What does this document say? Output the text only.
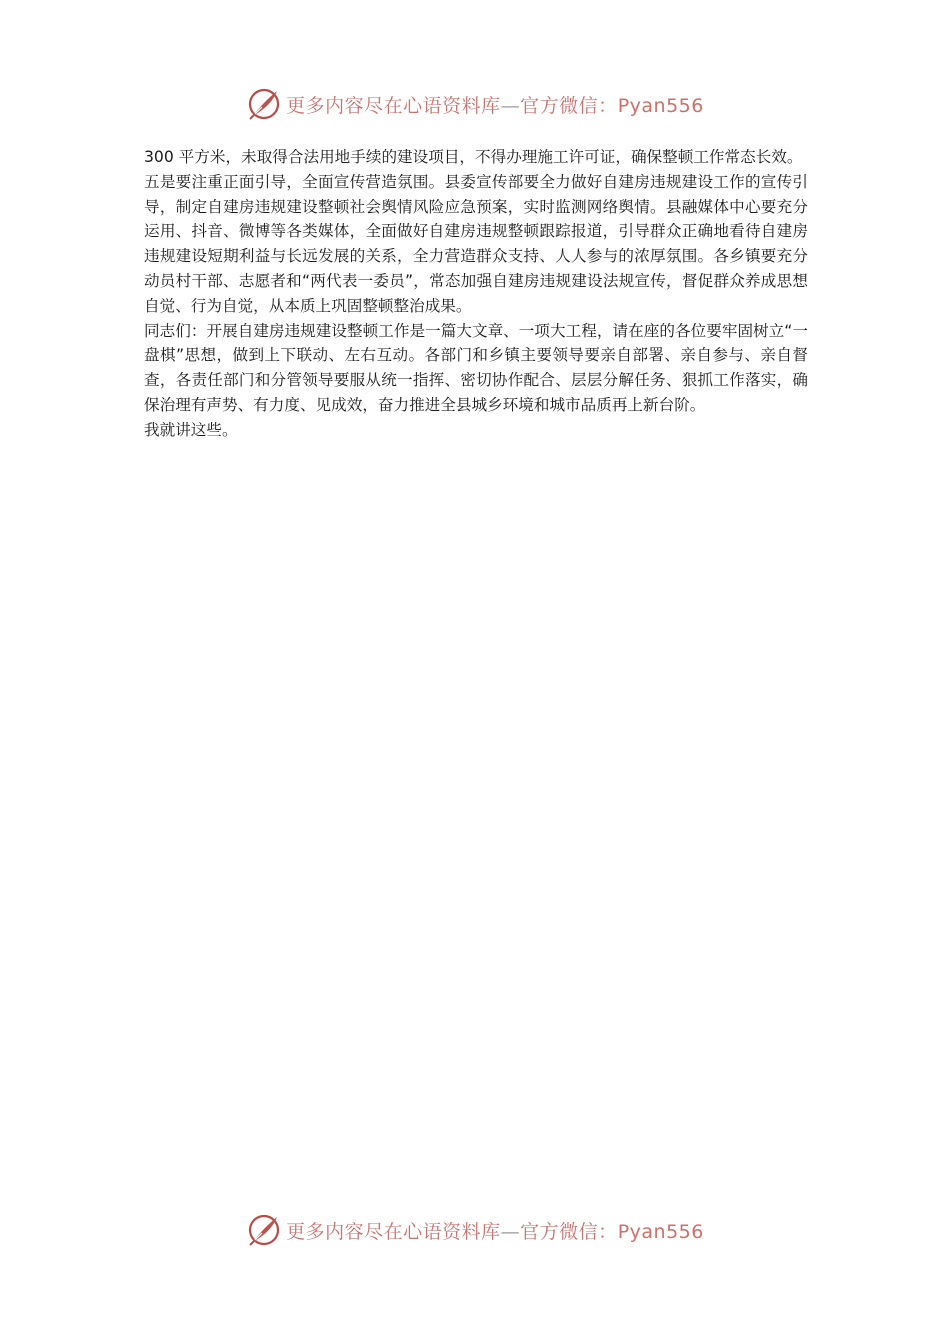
更多内容尽在心语资料库—官方微信：Pyan556

300 平方米，未取得合法用地手续的建设项目，不得办理施工许可证，确保整顿工作常态长效。

五是要注重正面引导，全面宣传营造氛围。县委宣传部要全力做好自建房违规建设工作的宣传引导，制定自建房违规建设整顿社会舆情风险应急预案，实时监测网络舆情。县融媒体中心要充分运用、抖音、微博等各类媒体，全面做好自建房违规整顿跟踪报道，引导群众正确地看待自建房违规建设短期利益与长远发展的关系，全力营造群众支持、人人参与的浓厚氛围。各乡镇要充分动员村干部、志愿者和“两代表一委员”，常态加强自建房违规建设法规宣传，督促群众养成思想自觉、行为自觉，从本质上巩固整顿整治成果。

同志们：开展自建房违规建设整顿工作是一篇大文章、一项大工程，请在座的各位要牢固树立“一盘棋”思想，做到上下联动、左右互动。各部门和乡镇主要领导要亲自部署、亲自参与、亲自督查，各责任部门和分管领导要服从统一指挥、密切协作配合、层层分解任务、狠抓工作落实，确保治理有声势、有力度、见成效，奋力推进全县城乡环境和城市品质再上新台阶。

我就讲这些。

更多内容尽在心语资料库—官方微信：Pyan556
